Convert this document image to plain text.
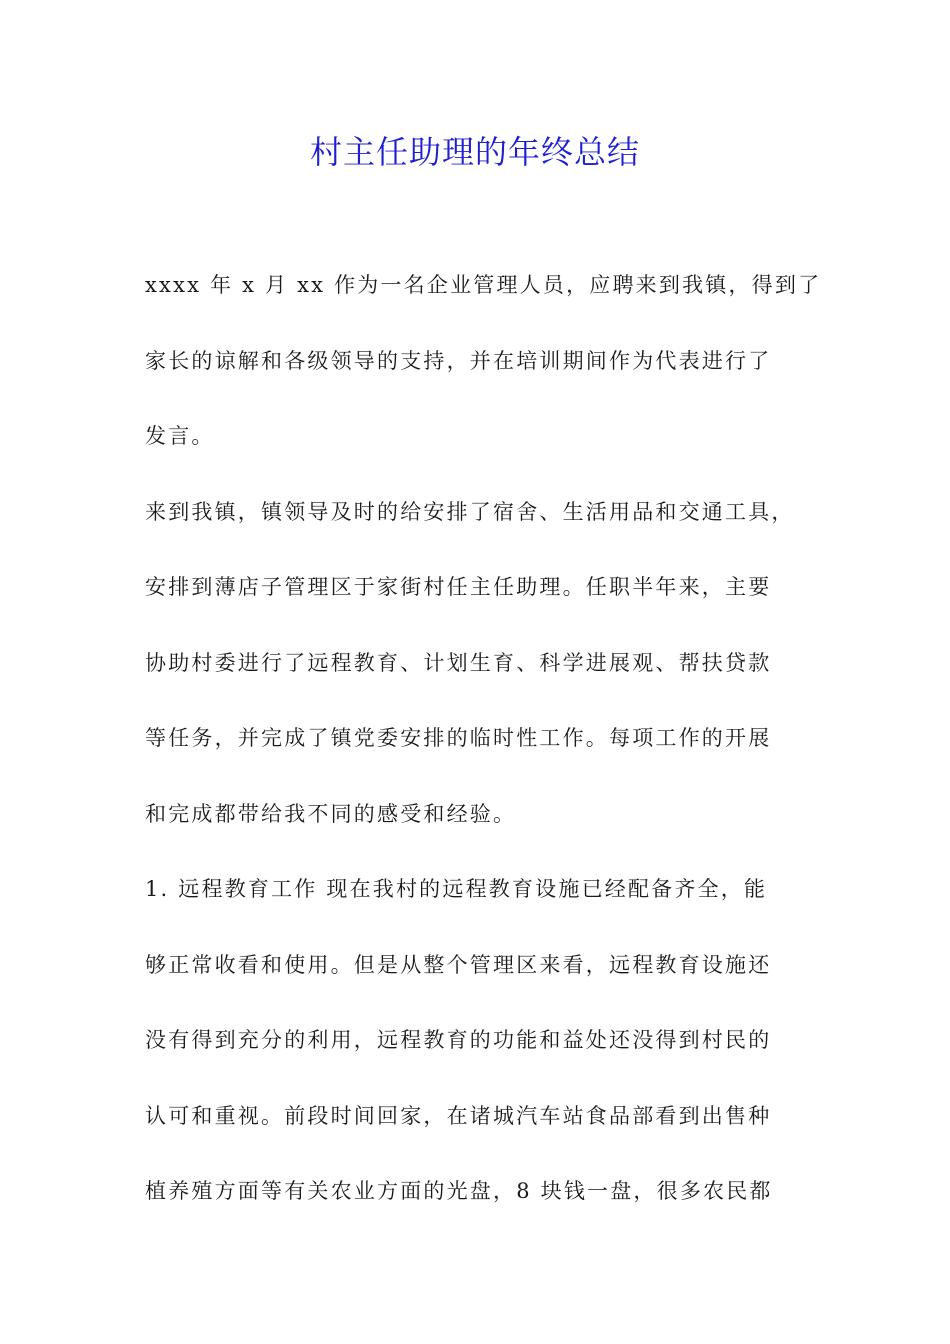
村主任助理的年终总结
xxxx 年 x 月 xx 作为一名企业管理人员，应聘来到我镇，得到了
家长的谅解和各级领导的支持，并在培训期间作为代表进行了
发言。
来到我镇，镇领导及时的给安排了宿舍、生活用品和交通工具，
安排到薄店子管理区于家街村任主任助理。任职半年来，主要
协助村委进行了远程教育、计划生育、科学进展观、帮扶贷款
等任务，并完成了镇党委安排的临时性工作。每项工作的开展
和完成都带给我不同的感受和经验。
1. 远程教育工作 现在我村的远程教育设施已经配备齐全，能
够正常收看和使用。但是从整个管理区来看，远程教育设施还
没有得到充分的利用，远程教育的功能和益处还没得到村民的
认可和重视。前段时间回家，在诸城汽车站食品部看到出售种
植养殖方面等有关农业方面的光盘，8 块钱一盘，很多农民都
